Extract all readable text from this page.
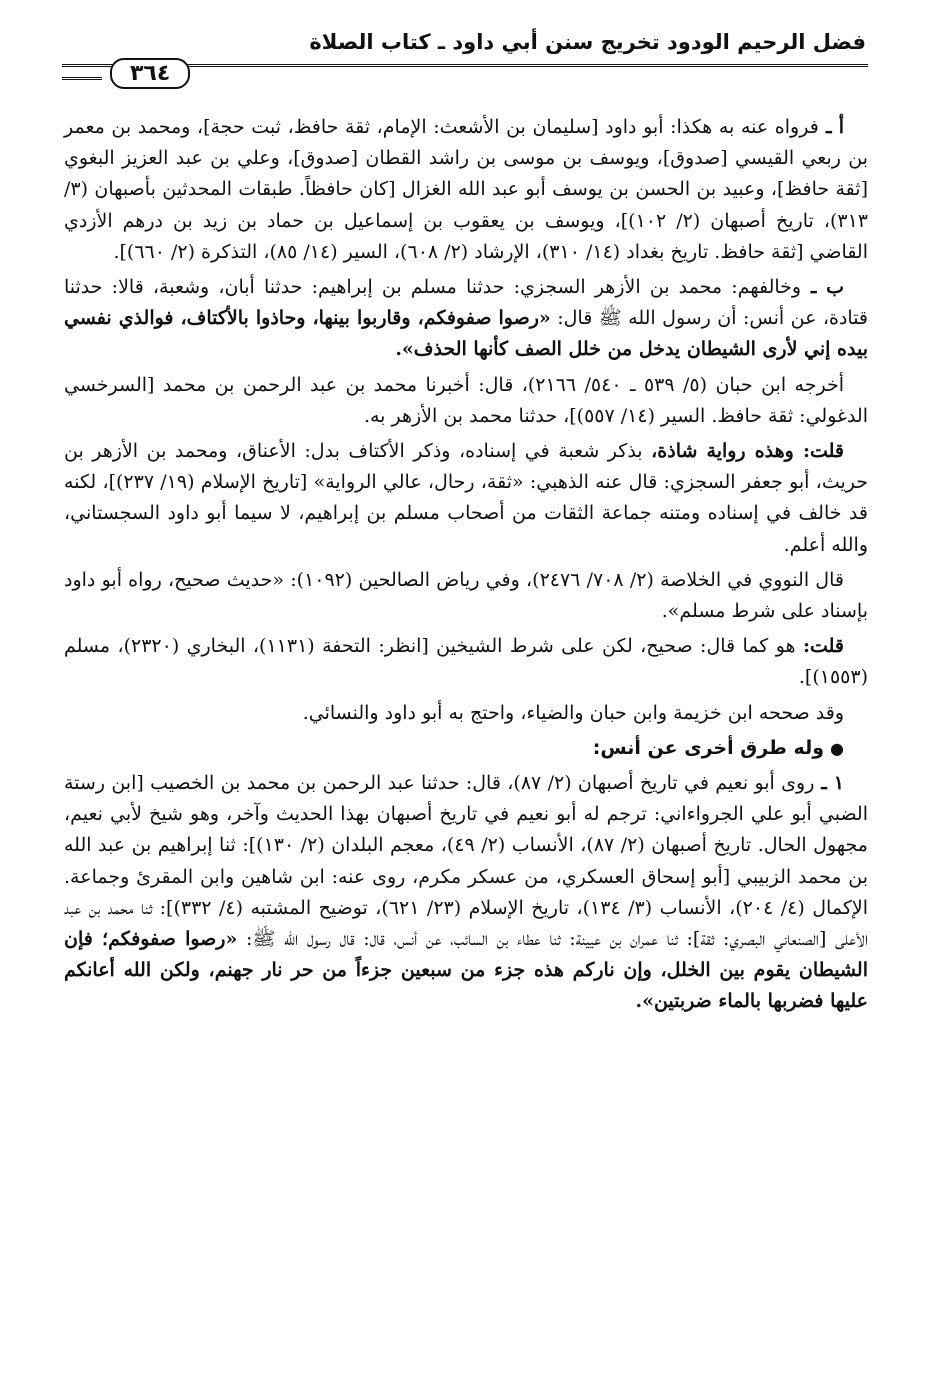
فضل الرحيم الودود تخريج سنن أبي داود ـ كتاب الصلاة
٣٦٤

أ ـ فرواه عنه به هكذا: أبو داود [سليمان بن الأشعث: الإمام، ثقة حافظ، ثبت حجة]، ومحمد بن معمر بن ربعي القيسي [صدوق]، ويوسف بن موسى بن راشد القطان [صدوق]، وعلي بن عبد العزيز البغوي [ثقة حافظ]، وعبيد بن الحسن بن يوسف أبو عبد الله الغزال [كان حافظاً. طبقات المحدثين بأصبهان (٣/ ٣١٣)، تاريخ أصبهان (٢/ ١٠٢)]، ويوسف بن يعقوب بن إسماعيل بن حماد بن زيد بن درهم الأزدي القاضي [ثقة حافظ. تاريخ بغداد (١٤/ ٣١٠)، الإرشاد (٢/ ٦٠٨)، السير (١٤/ ٨٥)، التذكرة (٢/ ٦٦٠)].

ب ـ وخالفهم: محمد بن الأزهر السجزي: حدثنا مسلم بن إبراهيم: حدثنا أبان، وشعبة، قالا: حدثنا قتادة، عن أنس: أن رسول الله ﷺ قال: «رصوا صفوفكم، وقاربوا بينها، وحاذوا بالأكتاف، فوالذي نفسي بيده إني لأرى الشيطان يدخل من خلل الصف كأنها الحذف».

أخرجه ابن حبان (٥/ ٥٣٩ ـ ٥٤٠/ ٢١٦٦)، قال: أخبرنا محمد بن عبد الرحمن بن محمد [السرخسي الدغولي: ثقة حافظ. السير (١٤/ ٥٥٧)]، حدثنا محمد بن الأزهر به.

قلت: وهذه رواية شاذة، بذكر شعبة في إسناده، وذكر الأكتاف بدل: الأعناق، ومحمد بن الأزهر بن حريث، أبو جعفر السجزي: قال عنه الذهبي: «ثقة، رحال، عالي الرواية» [تاريخ الإسلام (١٩/ ٢٣٧)]، لكنه قد خالف في إسناده ومتنه جماعة الثقات من أصحاب مسلم بن إبراهيم، لا سيما أبو داود السجستاني، والله أعلم.

قال النووي في الخلاصة (٢/ ٧٠٨/ ٢٤٧٦)، وفي رياض الصالحين (١٠٩٢): «حديث صحيح، رواه أبو داود بإسناد على شرط مسلم».

قلت: هو كما قال: صحيح، لكن على شرط الشيخين [انظر: التحفة (١١٣١)، البخاري (٢٣٢٠)، مسلم (١٥٥٣)].

وقد صححه ابن خزيمة وابن حبان والضياء، واحتج به أبو داود والنسائي.

●وله طرق أخرى عن أنس:

١ ـ روى أبو نعيم في تاريخ أصبهان (٢/ ٨٧)، قال: حدثنا عبد الرحمن بن محمد بن الخصيب [ابن رستة الضبي أبو علي الجرواءاني: ترجم له أبو نعيم في تاريخ أصبهان بهذا الحديث وآخر، وهو شيخ لأبي نعيم، مجهول الحال. تاريخ أصبهان (٢/ ٨٧)، الأنساب (٢/ ٤٩)، معجم البلدان (٢/ ١٣٠)]: ثنا إبراهيم بن عبد الله بن محمد الزبيبي [أبو إسحاق العسكري، من عسكر مكرم، روى عنه: ابن شاهين وابن المقرئ وجماعة. الإكمال (٤/ ٢٠٤)، الأنساب (٣/ ١٣٤)، تاريخ الإسلام (٢٣/ ٦٢١)، توضيح المشتبه (٤/ ٣٣٢)]: ثنا محمد بن عبد الأعلى [الصنعاني البصري: ثقة]: ثنا عمران بن عيينة: ثنا عطاء بن السائب، عن أنس، قال: قال رسول الله ﷺ: «رصوا صفوفكم؛ فإن الشيطان يقوم بين الخلل، وإن ناركم هذه جزء من سبعين جزءاً من حر نار جهنم، ولكن الله أعانكم عليها فضربها بالماء ضربتين».
